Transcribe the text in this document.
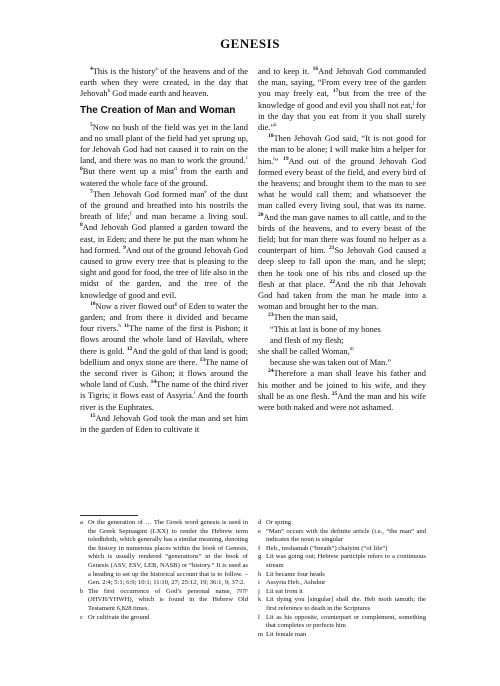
GENESIS

$^4$This is the history$^a$ of the heavens and of the earth when they were created, in the day that Jehovah$^b$ God made earth and heaven.

The Creation of Man and Woman

$^5$Now no bush of the field was yet in the land and no small plant of the field had yet sprung up, for Jehovah God had not caused it to rain on the land, and there was no man to work the ground.$^c$ $^6$But there went up a mist$^d$ from the earth and watered the whole face of the ground.

$^7$Then Jehovah God formed man$^e$ of the dust of the ground and breathed into his nostrils the breath of life;$^f$ and man became a living soul. $^8$And Jehovah God planted a garden toward the east, in Eden; and there he put the man whom he had formed. $^9$And out of the ground Jehovah God caused to grow every tree that is pleasing to the sight and good for food, the tree of life also in the midst of the garden, and the tree of the knowledge of good and evil.

$^{10}$Now a river flowed out$^g$ of Eden to water the garden; and from there it divided and became four rivers.$^h$ $^{11}$The name of the first is Pishon; it flows around the whole land of Havilah, where there is gold. $^{12}$And the gold of that land is good; bdellium and onyx stone are there. $^{13}$The name of the second river is Gihon; it flows around the whole land of Cush. $^{14}$The name of the third river is Tigris; it flows east of Assyria.$^i$ And the fourth river is the Euphrates.

$^{15}$And Jehovah God took the man and set him in the garden of Eden to cultivate it

and to keep it. $^{16}$And Jehovah God commanded the man, saying, “From every tree of the garden you may freely eat, $^{17}$but from the tree of the knowledge of good and evil you shall not eat,$^j$ for in the day that you eat from it you shall surely die.”$^k$

$^{18}$Then Jehovah God said, “It is not good for the man to be alone; I will make him a helper for him.$^l$” $^{19}$And out of the ground Jehovah God formed every beast of the field, and every bird of the heavens; and brought them to the man to see what he would call them; and whatsoever the man called every living soul, that was its name. $^{20}$And the man gave names to all cattle, and to the birds of the heavens, and to every beast of the field; but for man there was found no helper as a counterpart of him. $^{21}$So Jehovah God caused a deep sleep to fall upon the man, and he slept; then he took one of his ribs and closed up the flesh at that place. $^{22}$And the rib that Jehovah God had taken from the man he made into a woman and brought her to the man.

$^{23}$Then the man said,

“This at last is bone of my bones
and flesh of my flesh;
she shall be called Woman,$^m$
because she was taken out of Man.”

$^{24}$Therefore a man shall leave his father and his mother and be joined to his wife, and they shall be as one flesh. $^{25}$And the man and his wife were both naked and were not ashamed.

a Or the generation of … The Greek word genesis is used in the Greek Septuagint (LXX) to render the Hebrew term toledhdoth, which generally has a similar meaning, denoting the history in numerous places within the book of Genesis, which is usually rendered “generations” in the book of Genesis (ASV, ESV, LEB, NASB) or “history.” It is used as a heading to set up the historical account that is to follow. – Gen. 2:4; 5:1; 6:9; 10:1; 11:10, 27; 25:12, 19; 36:1, 9; 37:2.

b The first occurrence of God’s personal name, יהוה (JHVH/YHWH), which is found in the Hebrew Old Testament 6,828 times.

c Or cultivate the ground

d Or spring

e “Man” occurs with the definite article (i.e., “the man” and indicates the noun is singular

f Heb., neshamah (“breath”) chaiyim (“of life”)

g Lit was going out; Hebrew participle refers to a continuous stream

h Lit became four heads

i Assyria Heb., Ashshur

j Lit eat from it

k Lit dying you [singular] shall die. Heb moth tamuth; the first reference to death in the Scriptures

l Lit as his opposite, counterpart or complement, something that completes or perfects him

m Lit female man
